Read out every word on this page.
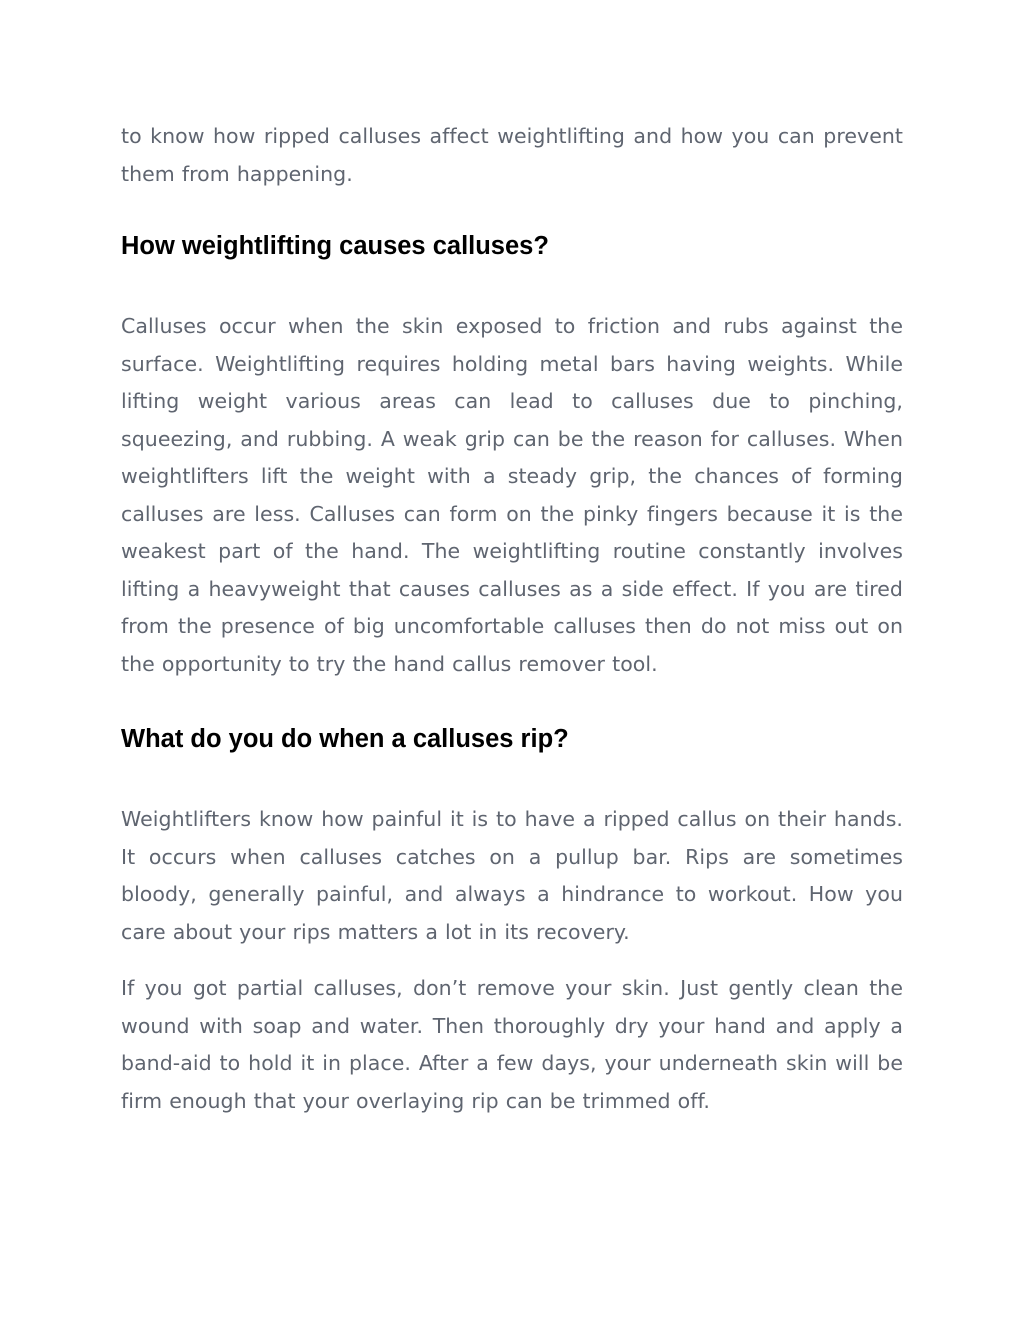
to know how ripped calluses affect weightlifting and how you can prevent them from happening.

How weightlifting causes calluses?

Calluses occur when the skin exposed to friction and rubs against the surface. Weightlifting requires holding metal bars having weights. While lifting weight various areas can lead to calluses due to pinching, squeezing, and rubbing. A weak grip can be the reason for calluses. When weightlifters lift the weight with a steady grip, the chances of forming calluses are less. Calluses can form on the pinky fingers because it is the weakest part of the hand. The weightlifting routine constantly involves lifting a heavyweight that causes calluses as a side effect. If you are tired from the presence of big uncomfortable calluses then do not miss out on the opportunity to try the hand callus remover tool.

What do you do when a calluses rip?

Weightlifters know how painful it is to have a ripped callus on their hands. It occurs when calluses catches on a pullup bar. Rips are sometimes bloody, generally painful, and always a hindrance to workout. How you care about your rips matters a lot in its recovery.

If you got partial calluses, don’t remove your skin. Just gently clean the wound with soap and water. Then thoroughly dry your hand and apply a band-aid to hold it in place. After a few days, your underneath skin will be firm enough that your overlaying rip can be trimmed off.
